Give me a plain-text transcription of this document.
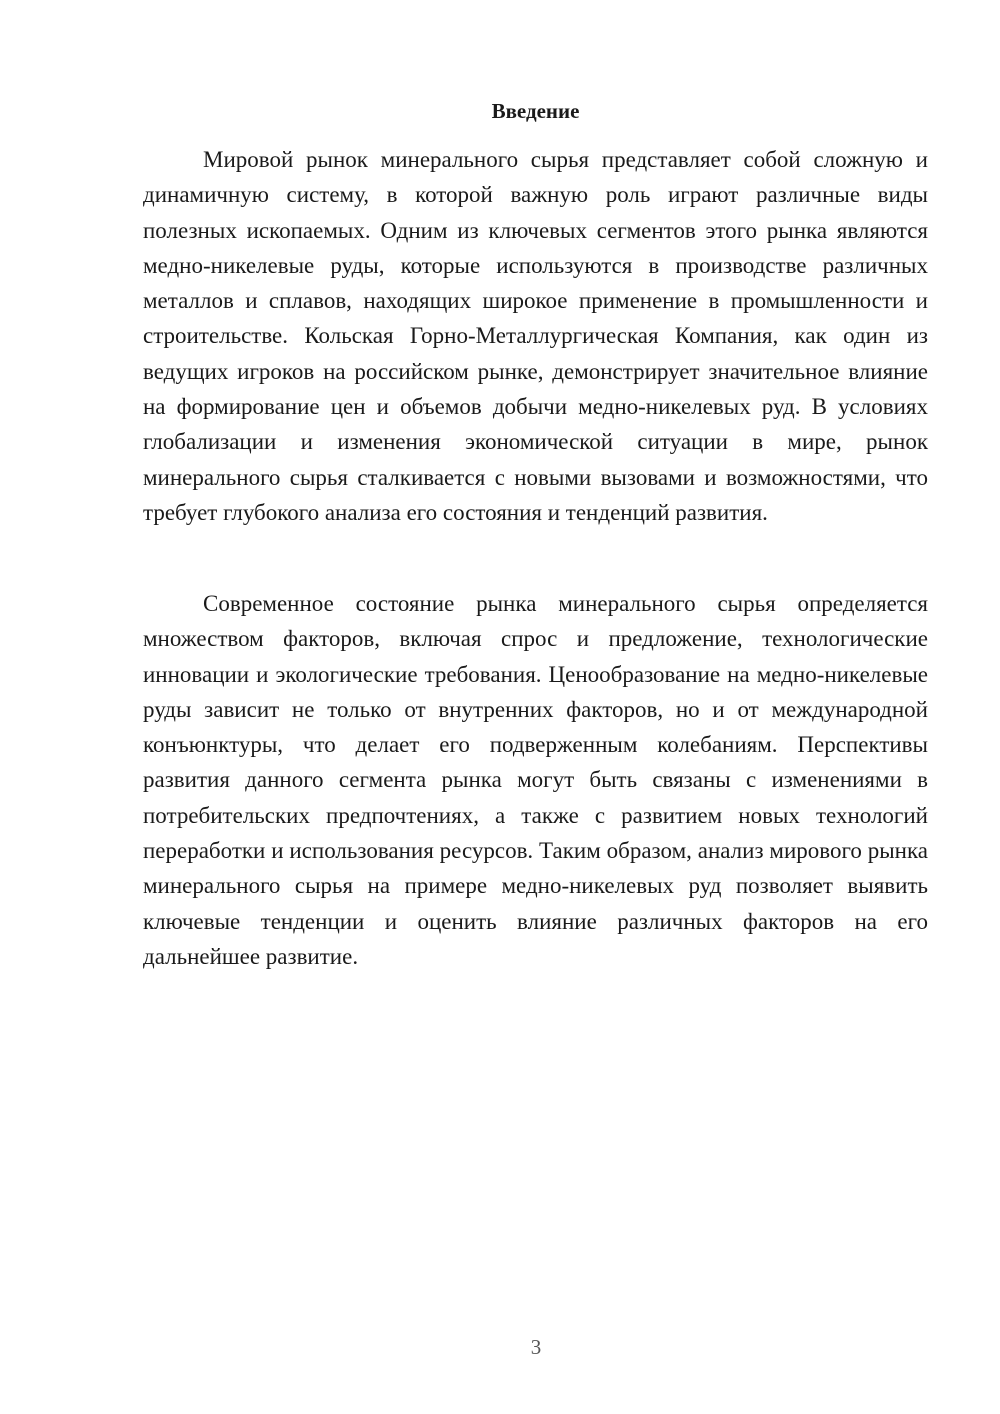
Введение

Мировой рынок минерального сырья представляет собой сложную и динамичную систему, в которой важную роль играют различные виды полезных ископаемых. Одним из ключевых сегментов этого рынка являются медно-никелевые руды, которые используются в производстве различных металлов и сплавов, находящих широкое применение в промышленности и строительстве. Кольская Горно-Металлургическая Компания, как один из ведущих игроков на российском рынке, демонстрирует значительное влияние на формирование цен и объемов добычи медно-никелевых руд. В условиях глобализации и изменения экономической ситуации в мире, рынок минерального сырья сталкивается с новыми вызовами и возможностями, что требует глубокого анализа его состояния и тенденций развития.

Современное состояние рынка минерального сырья определяется множеством факторов, включая спрос и предложение, технологические инновации и экологические требования. Ценообразование на медно-никелевые руды зависит не только от внутренних факторов, но и от международной конъюнктуры, что делает его подверженным колебаниям. Перспективы развития данного сегмента рынка могут быть связаны с изменениями в потребительских предпочтениях, а также с развитием новых технологий переработки и использования ресурсов. Таким образом, анализ мирового рынка минерального сырья на примере медно-никелевых руд позволяет выявить ключевые тенденции и оценить влияние различных факторов на его дальнейшее развитие.

3
